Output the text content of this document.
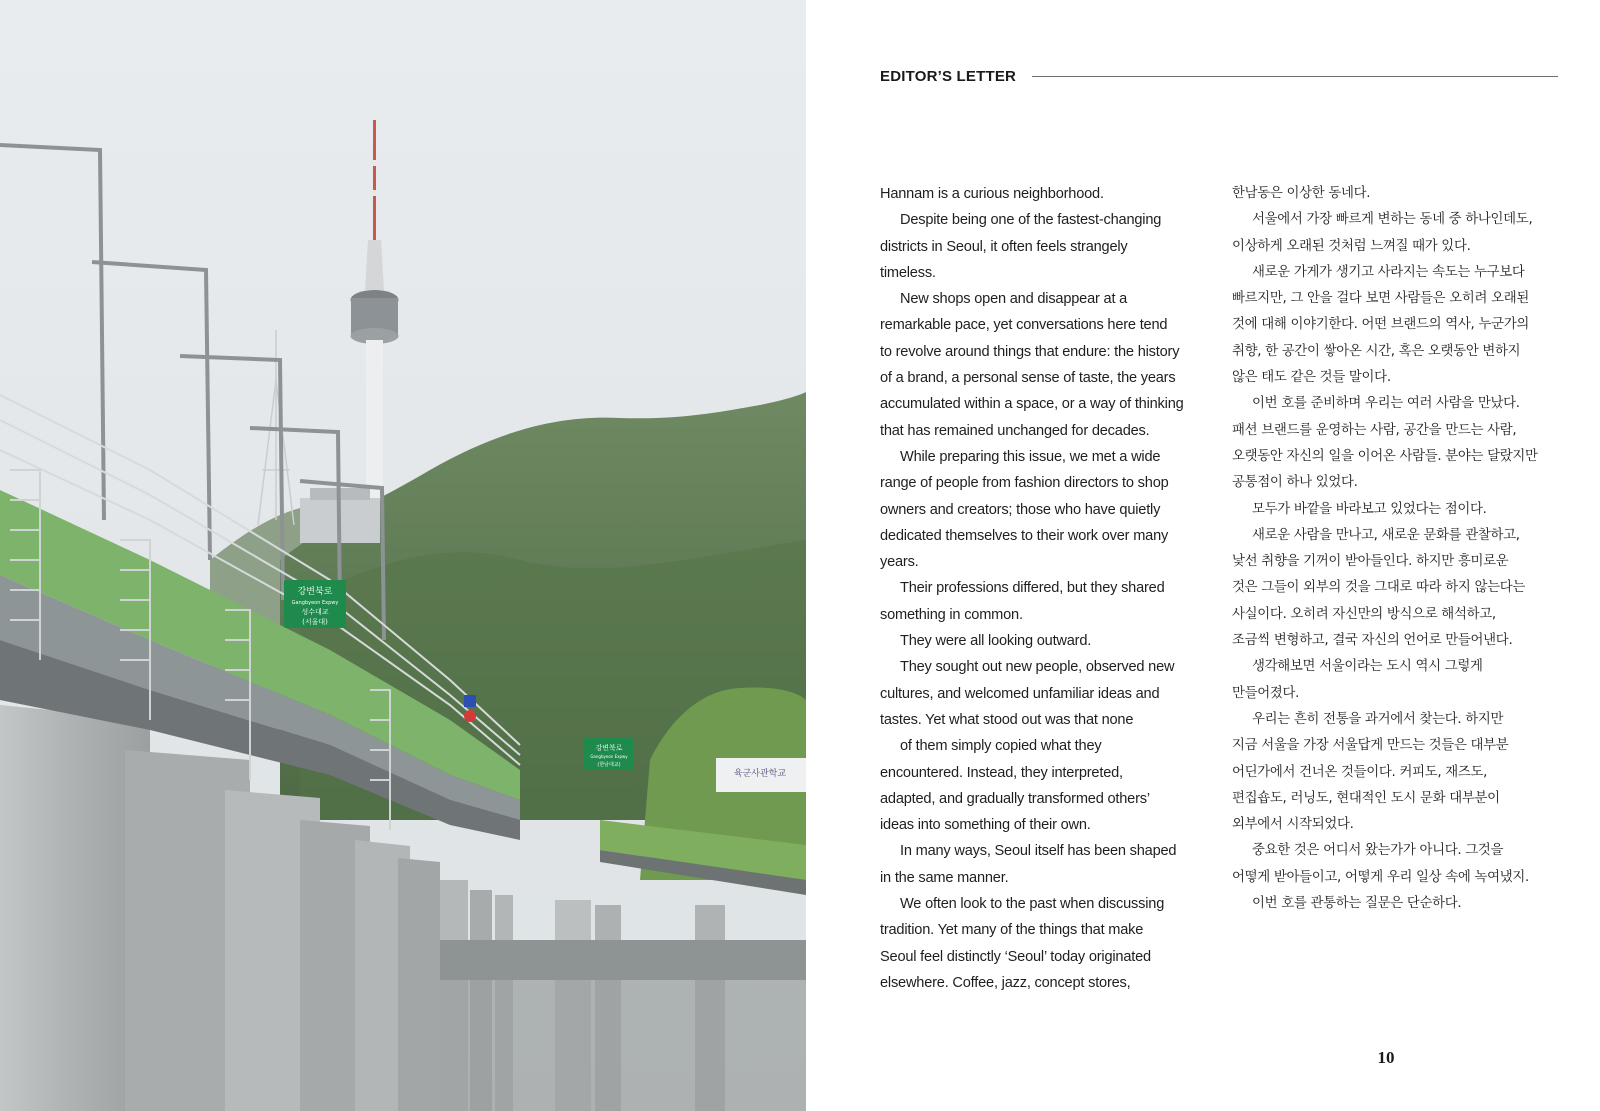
강변북로
Gangbyeon Expwy
성수대교
(서울대)
강변북로
Gangbyeon Expwy
(한남대교)
육군사관학교
EDITOR’S LETTER

Hannam is a curious neighborhood.

Despite being one of the fastest-changing

districts in Seoul, it often feels strangely

timeless.

New shops open and disappear at a

remarkable pace, yet conversations here tend

to revolve around things that endure: the history

of a brand, a personal sense of taste, the years

accumulated within a space, or a way of thinking

that has remained unchanged for decades.

While preparing this issue, we met a wide

range of people from fashion directors to shop

owners and creators; those who have quietly

dedicated themselves to their work over many

years.

Their professions differed, but they shared

something in common.

They were all looking outward.

They sought out new people, observed new

cultures, and welcomed unfamiliar ideas and

tastes. Yet what stood out was that none

of them simply copied what they

encountered. Instead, they interpreted,

adapted, and gradually transformed others’

ideas into something of their own.

In many ways, Seoul itself has been shaped

in the same manner.

We often look to the past when discussing

tradition. Yet many of the things that make

Seoul feel distinctly ‘Seoul’ today originated

elsewhere. Coffee, jazz, concept stores,

한남동은 이상한 동네다.

서울에서 가장 빠르게 변하는 동네 중 하나인데도,

이상하게 오래된 것처럼 느껴질 때가 있다.

새로운 가게가 생기고 사라지는 속도는 누구보다

빠르지만, 그 안을 걸다 보면 사람들은 오히려 오래된

것에 대해 이야기한다. 어떤 브랜드의 역사, 누군가의

취향, 한 공간이 쌓아온 시간, 혹은 오랫동안 변하지

않은 태도 같은 것들 말이다.

이번 호를 준비하며 우리는 여러 사람을 만났다.

패션 브랜드를 운영하는 사람, 공간을 만드는 사람,

오랫동안 자신의 일을 이어온 사람들. 분야는 달랐지만

공통점이 하나 있었다.

모두가 바깥을 바라보고 있었다는 점이다.

새로운 사람을 만나고, 새로운 문화를 관찰하고,

낯선 취향을 기꺼이 받아들인다. 하지만 흥미로운

것은 그들이 외부의 것을 그대로 따라 하지 않는다는

사실이다. 오히려 자신만의 방식으로 해석하고,

조금씩 변형하고, 결국 자신의 언어로 만들어낸다.

생각해보면 서울이라는 도시 역시 그렇게

만들어졌다.

우리는 흔히 전통을 과거에서 찾는다. 하지만

지금 서울을 가장 서울답게 만드는 것들은 대부분

어딘가에서 건너온 것들이다. 커피도, 재즈도,

편집숍도, 러닝도, 현대적인 도시 문화 대부분이

외부에서 시작되었다.

중요한 것은 어디서 왔는가가 아니다. 그것을

어떻게 받아들이고, 어떻게 우리 일상 속에 녹여냈지.

이번 호를 관통하는 질문은 단순하다.

10
